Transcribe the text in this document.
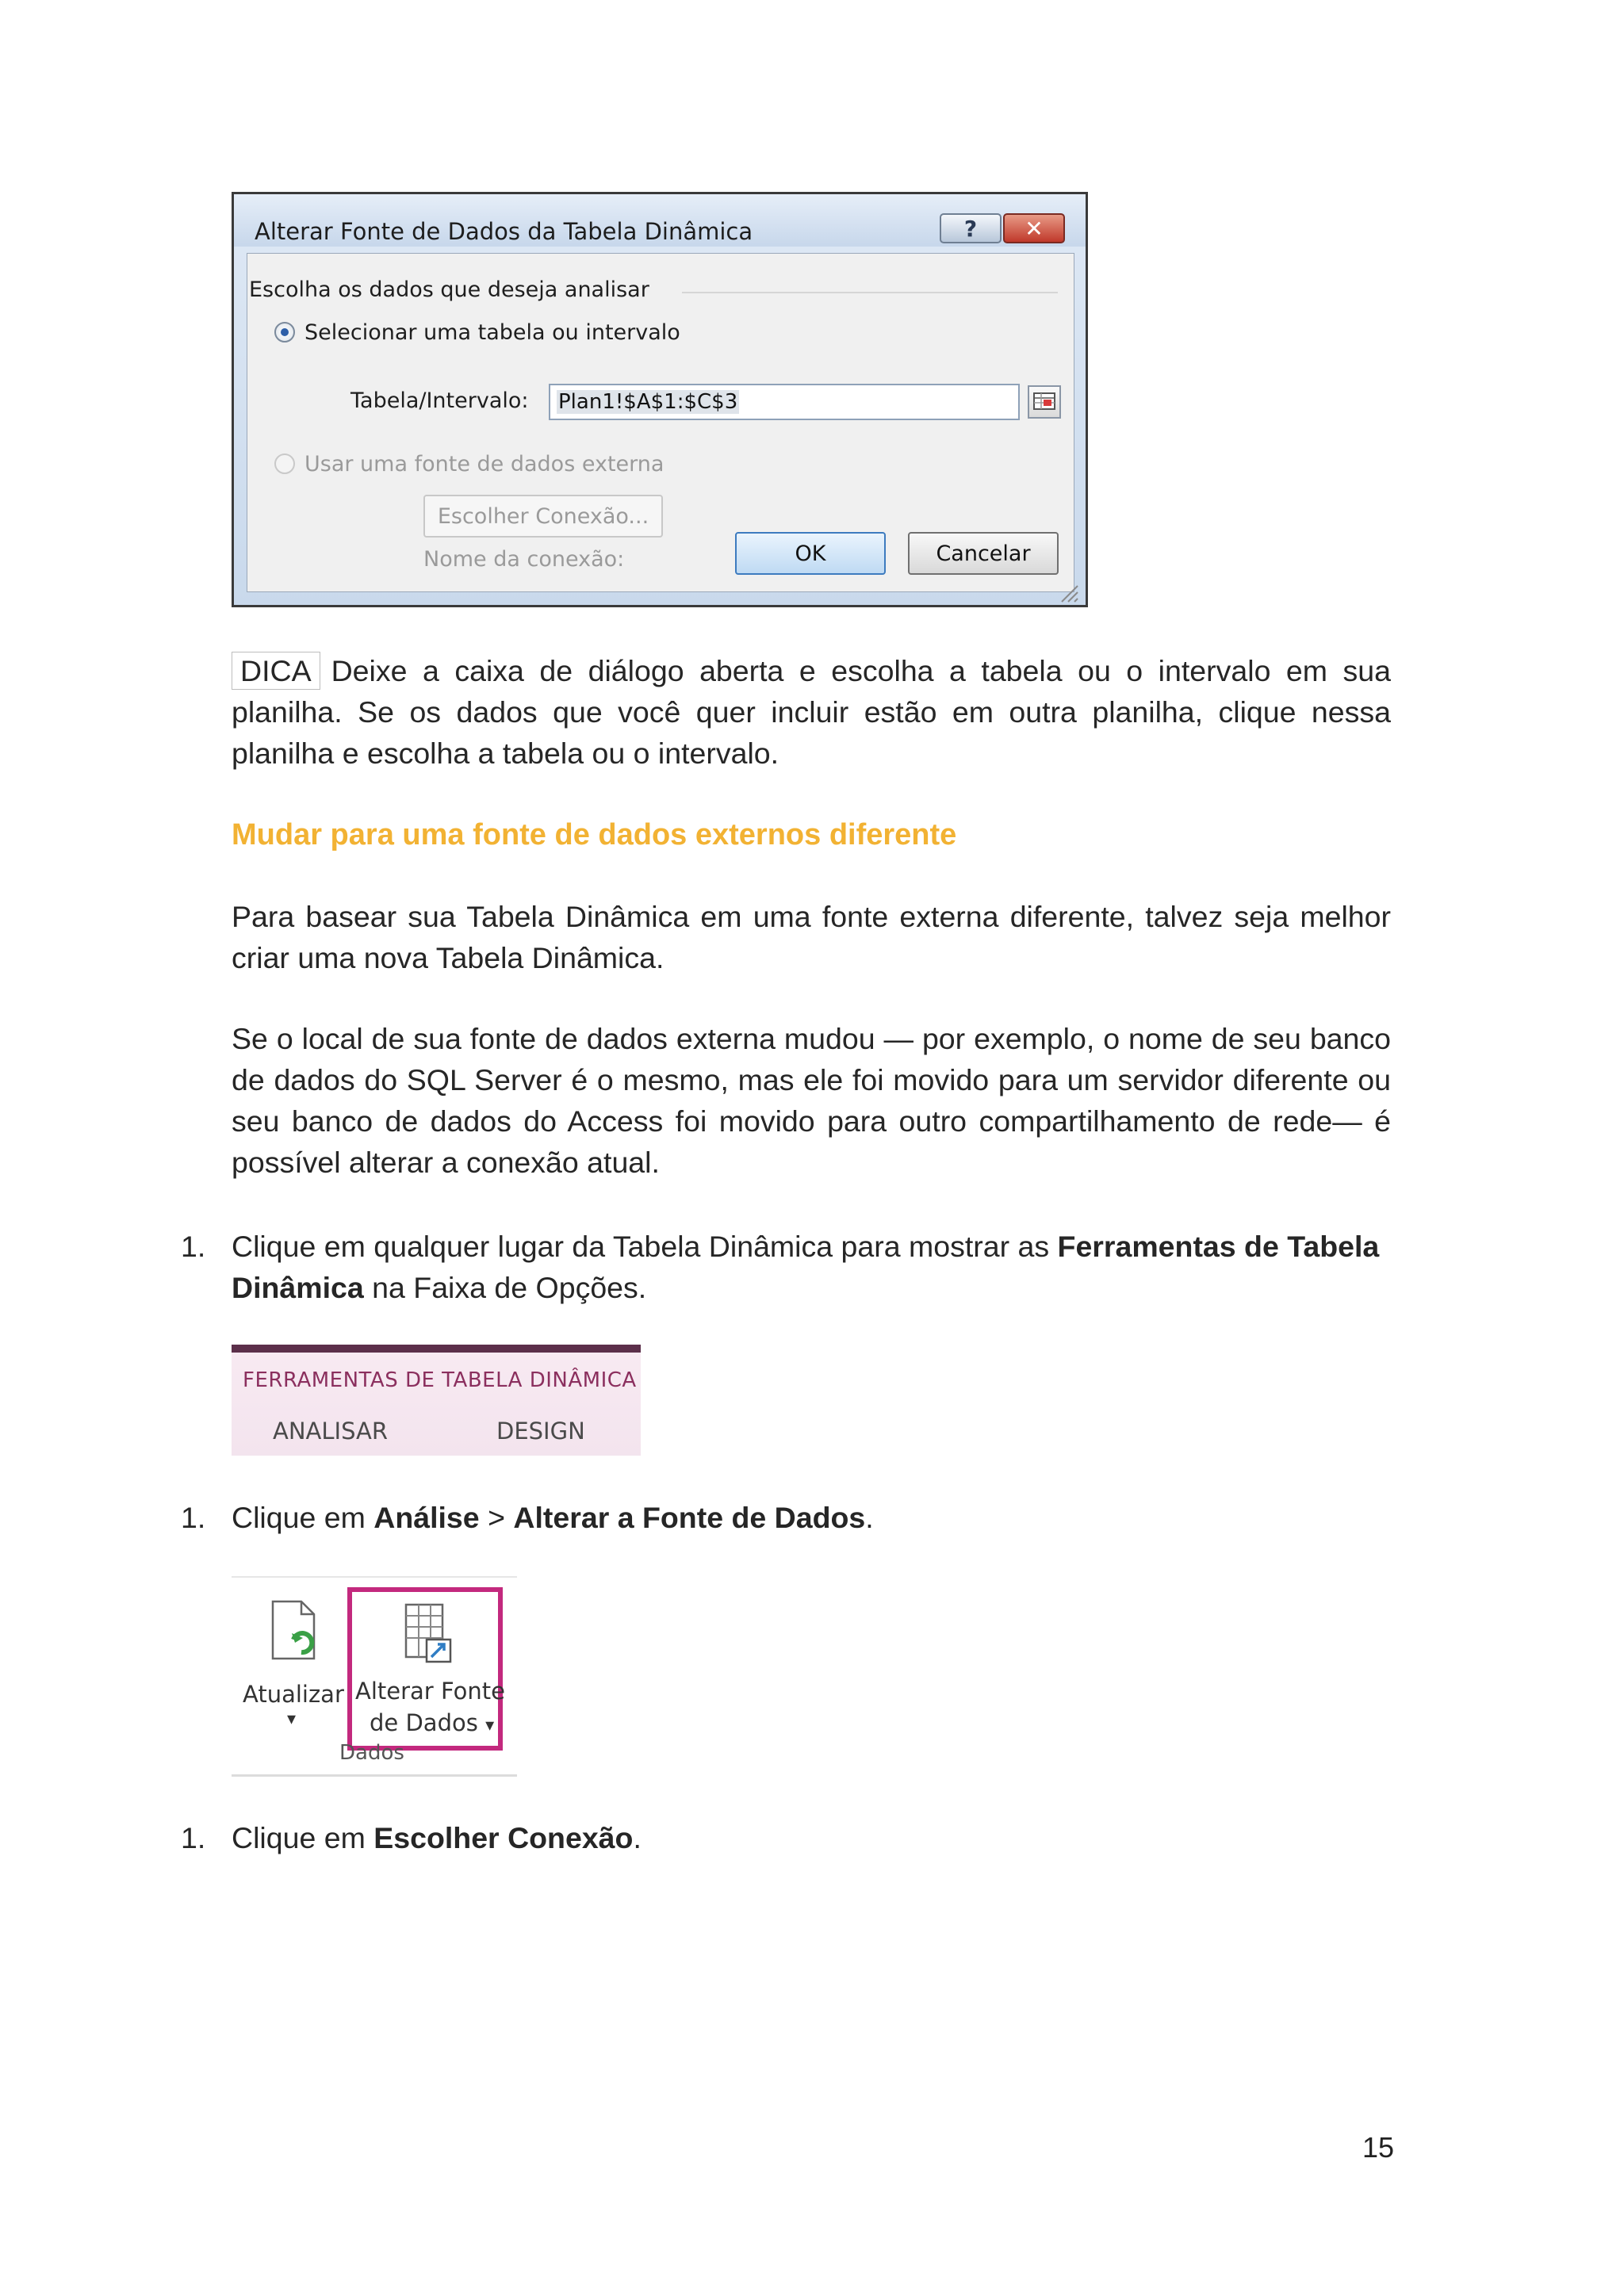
Alterar Fonte de Dados da Tabela Dinâmica	? ✕
Escolha os dados que deseja analisar
Selecionar uma tabela ou intervalo
Tabela/Intervalo:	Plan1!$A$1:$C$3
Usar uma fonte de dados externa
Escolher Conexão...
Nome da conexão:	OK	Cancelar
DICA Deixe a caixa de diálogo aberta e escolha a tabela ou o intervalo em sua planilha. Se os dados que você quer incluir estão em outra planilha, clique nessa planilha e escolha a tabela ou o intervalo.
Mudar para uma fonte de dados externos diferente
Para basear sua Tabela Dinâmica em uma fonte externa diferente, talvez seja melhor criar uma nova Tabela Dinâmica.
Se o local de sua fonte de dados externa mudou — por exemplo, o nome de seu banco de dados do SQL Server é o mesmo, mas ele foi movido para um servidor diferente ou seu banco de dados do Access foi movido para outro compartilhamento de rede— é possível alterar a conexão atual.
1. Clique em qualquer lugar da Tabela Dinâmica para mostrar as Ferramentas de Tabela Dinâmica na Faixa de Opções.
FERRAMENTAS DE TABELA DINÂMICA
ANALISAR	DESIGN
1. Clique em Análise > Alterar a Fonte de Dados.
Atualizar
▾
Alterar Fonte
de Dados ▾
Dados
1. Clique em Escolher Conexão.
15
